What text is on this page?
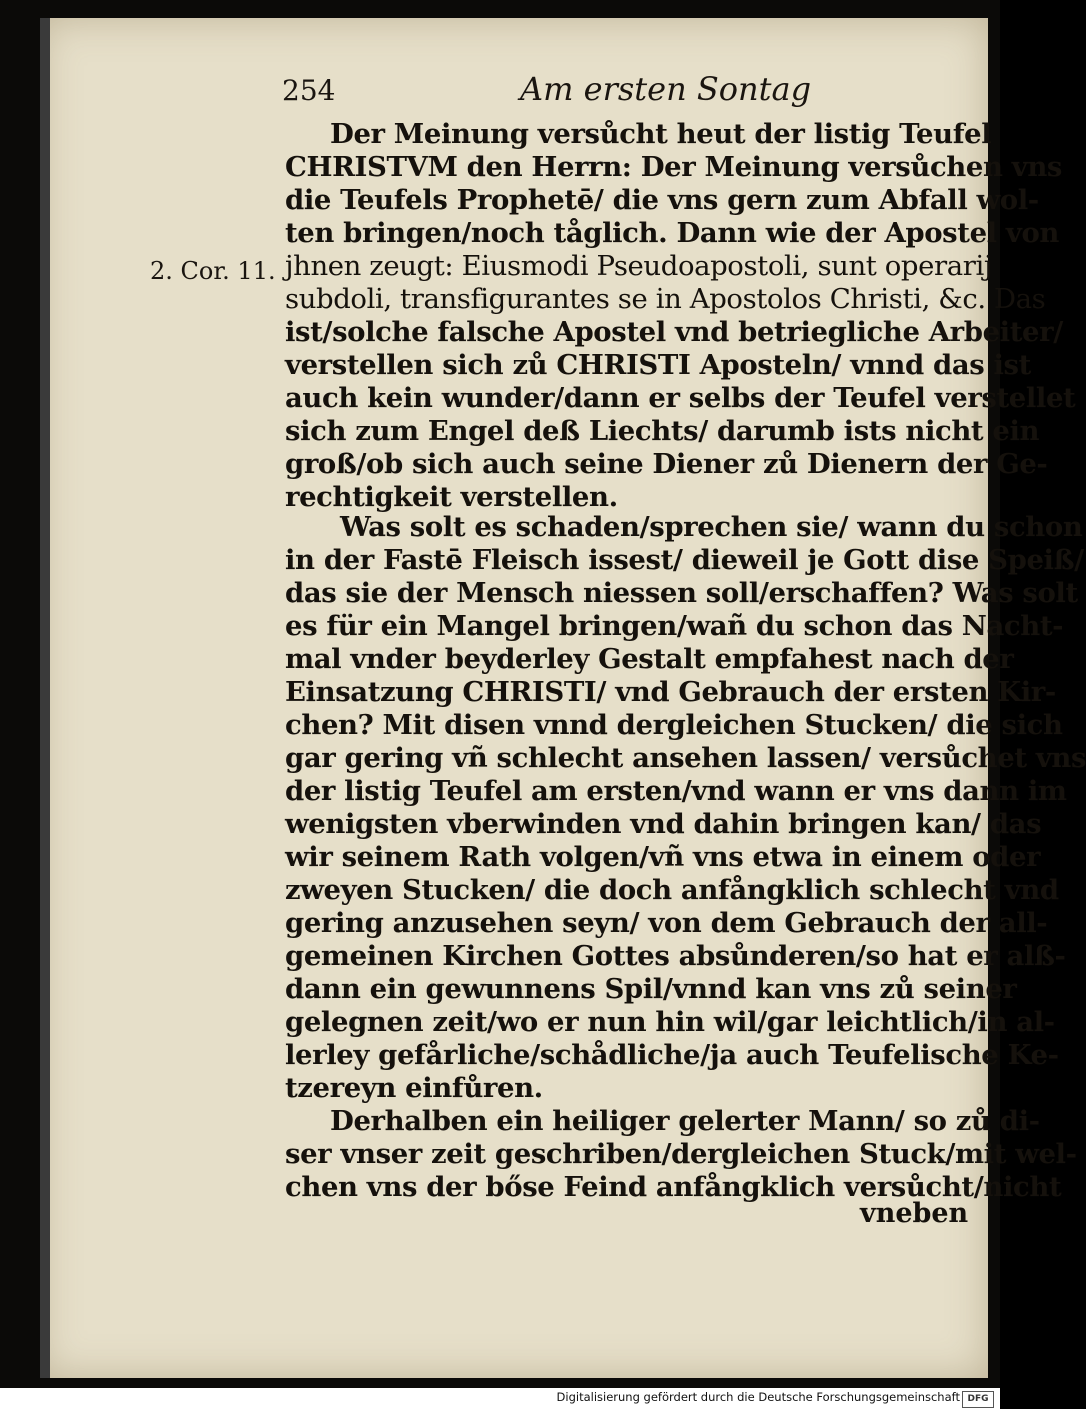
254	Am ersten Sontag
2. Cor. 11.
Der Meinung versůcht heut der listig Teufel
CHRISTVM den Herrn: Der Meinung versůchen vns
die Teufels Prophetē/ die vns gern zum Abfall wol-
ten bringen/noch tåglich. Dann wie der Apostel von
jhnen zeugt: Eiusmodi Pseudoapostoli, sunt operarij
subdoli, transfigurantes se in Apostolos Christi, &c. Das
ist/solche falsche Apostel vnd betriegliche Arbeiter/
verstellen sich zů CHRISTI Aposteln/ vnnd das ist
auch kein wunder/dann er selbs der Teufel verstellet
sich zum Engel deß Liechts/ darumb ists nicht ein
groß/ob sich auch seine Diener zů Dienern der Ge-
rechtigkeit verstellen.
Was solt es schaden/sprechen sie/ wann du schon
in der Fastē Fleisch issest/ dieweil je Gott dise Speiß/
das sie der Mensch niessen soll/erschaffen? Was solt
es für ein Mangel bringen/wañ du schon das Nacht-
mal vnder beyderley Gestalt empfahest nach der
Einsatzung CHRISTI/ vnd Gebrauch der ersten Kir-
chen? Mit disen vnnd dergleichen Stucken/ die sich
gar gering vñ schlecht ansehen lassen/ versůchet vns
der listig Teufel am ersten/vnd wann er vns dann im
wenigsten vberwinden vnd dahin bringen kan/ das
wir seinem Rath volgen/vñ vns etwa in einem oder
zweyen Stucken/ die doch anfångklich schlecht vnd
gering anzusehen seyn/ von dem Gebrauch der all-
gemeinen Kirchen Gottes absůnderen/so hat er alß-
dann ein gewunnens Spil/vnnd kan vns zů seiner
gelegnen zeit/wo er nun hin wil/gar leichtlich/in al-
lerley gefårliche/schådliche/ja auch Teufelische Ke-
tzereyn einfůren.
Derhalben ein heiliger gelerter Mann/ so zů di-
ser vnser zeit geschriben/dergleichen Stuck/mit wel-
chen vns der bőse Feind anfångklich versůcht/nicht
vneben
Digitalisierung gefördert durch die Deutsche Forschungsgemeinschaft DFG
